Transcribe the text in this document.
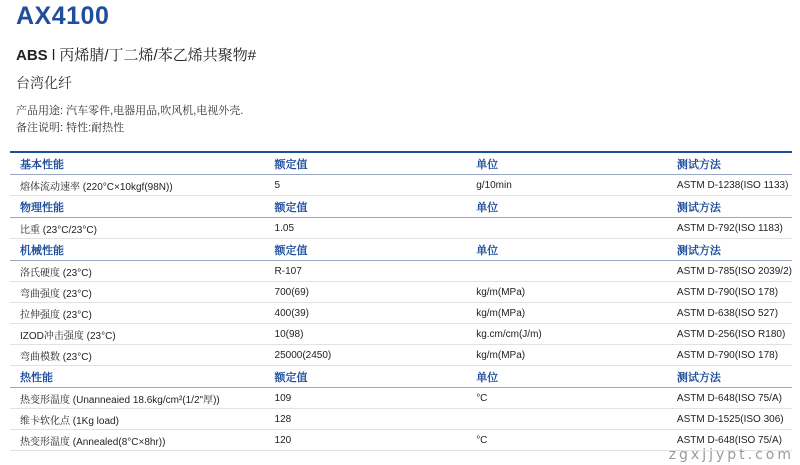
AX4100
ABS l 丙烯腈/丁二烯/苯乙烯共聚物#
台湾化纤
产品用途: 汽车零件,电器用品,吹风机,电视外壳.
备注说明: 特性:耐热性
基本性能	额定值	单位	测试方法
熔体流动速率 (220°C×10kgf(98N))	5	g/10min	ASTM D-1238(ISO 1133)
物理性能	额定值	单位	测试方法
比重 (23°C/23°C)	1.05		ASTM D-792(ISO 1183)
机械性能	额定值	单位	测试方法
洛氏硬度 (23°C)	R-107		ASTM D-785(ISO 2039/2)
弯曲强度 (23°C)	700(69)	kg/m(MPa)	ASTM D-790(ISO 178)
拉伸强度 (23°C)	400(39)	kg/m(MPa)	ASTM D-638(ISO 527)
IZOD冲击强度 (23°C)	10(98)	kg.cm/cm(J/m)	ASTM D-256(ISO R180)
弯曲模数 (23°C)	25000(2450)	kg/m(MPa)	ASTM D-790(ISO 178)
热性能	额定值	单位	测试方法
热变形温度 (Unanneaied 18.6kg/cm²(1/2"厚))	109	°C	ASTM D-648(ISO 75/A)
维卡软化点 (1Kg load)	128		ASTM D-1525(ISO 306)
热变形温度 (Annealed(8°C×8hr))	120	°C	ASTM D-648(ISO 75/A)
zgxjjypt.com
